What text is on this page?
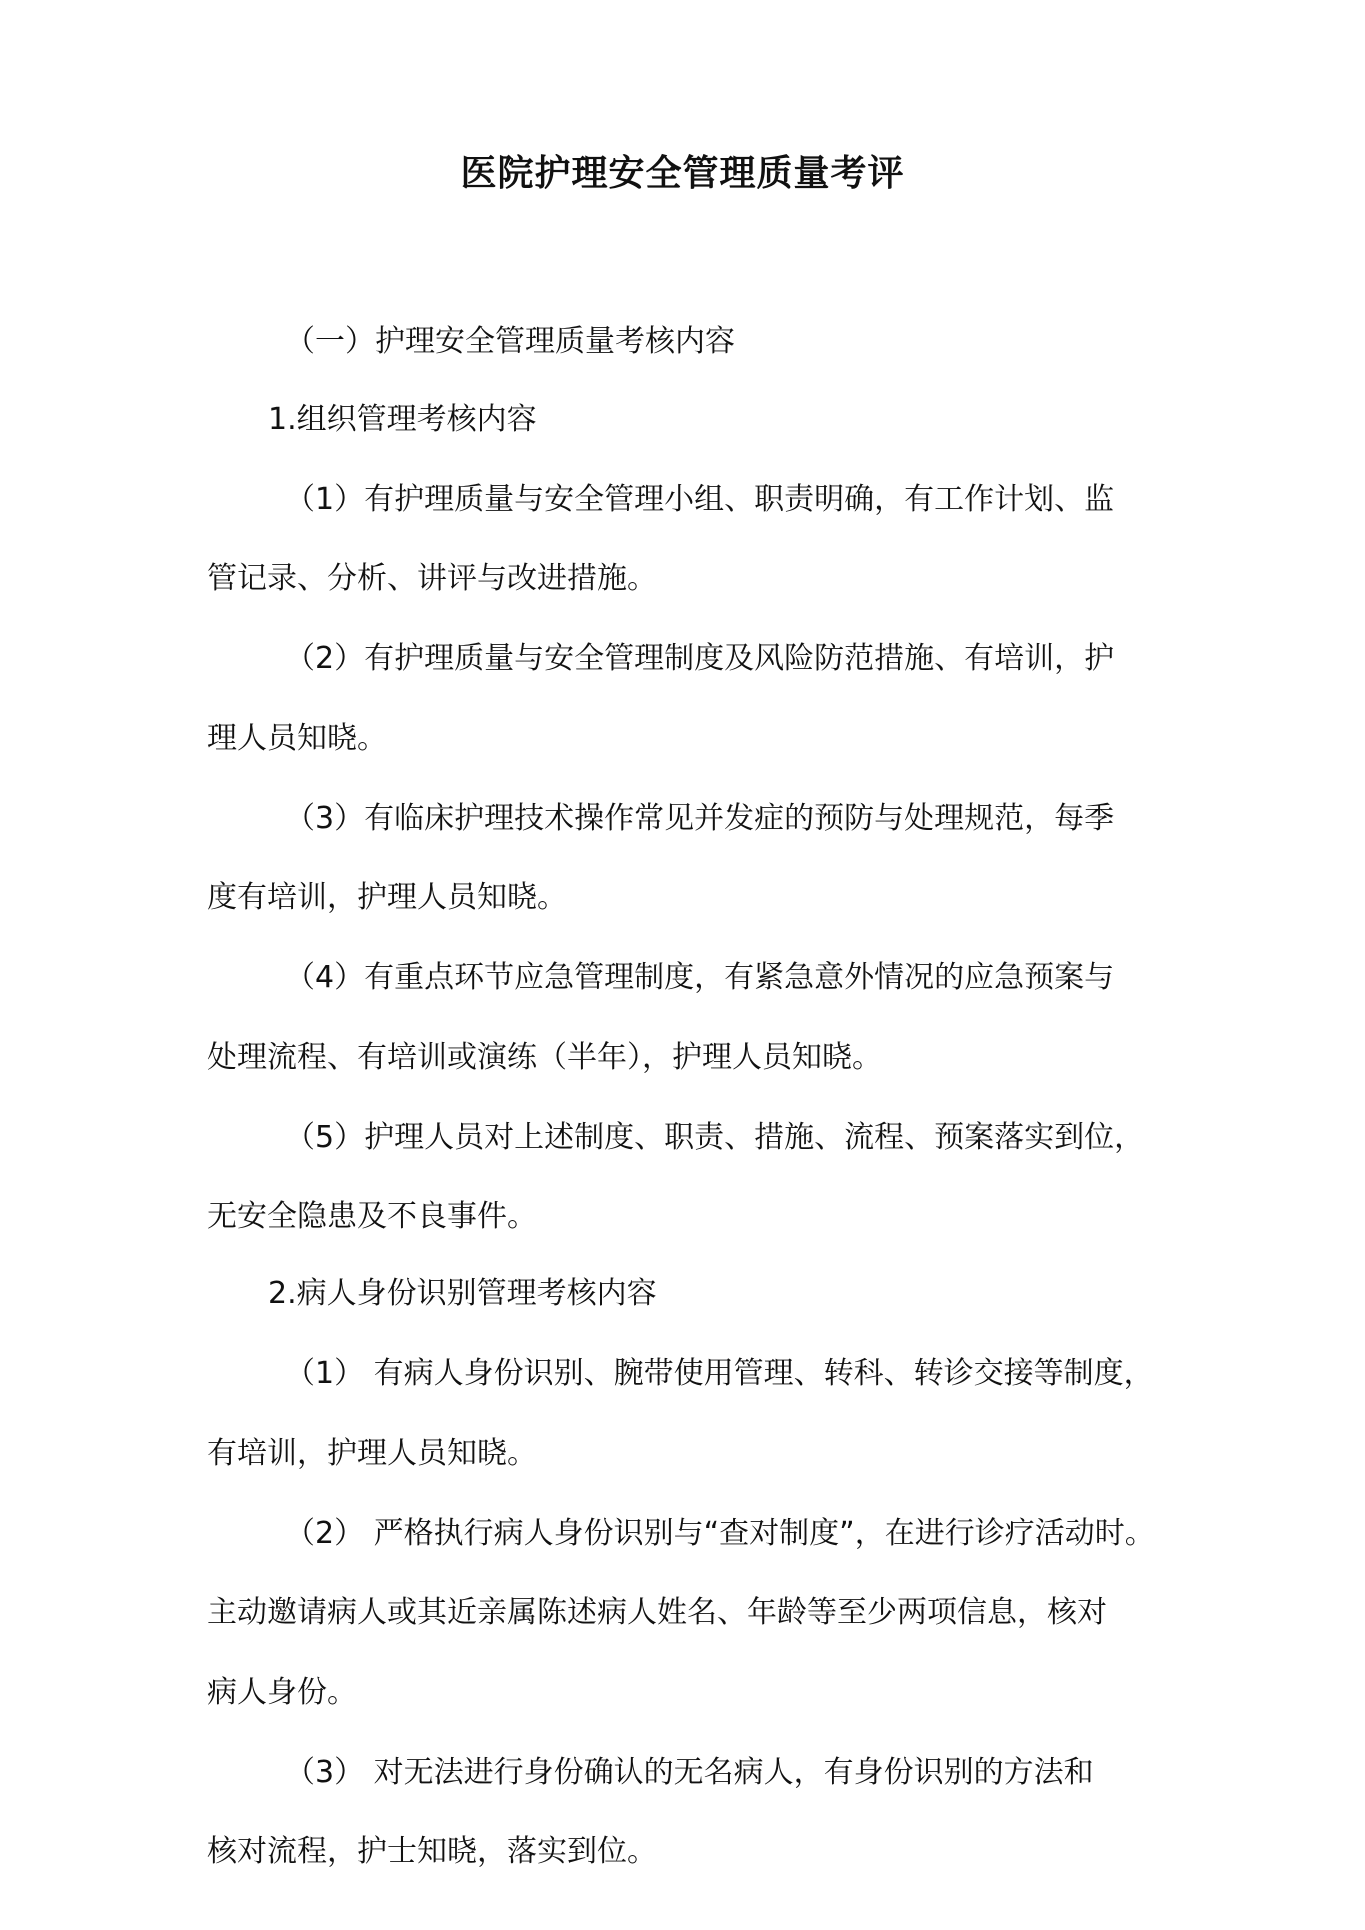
医院护理安全管理质量考评
（一）护理安全管理质量考核内容
1.组织管理考核内容
（1）有护理质量与安全管理小组、职责明确，有工作计划、监
管记录、分析、讲评与改进措施。
（2）有护理质量与安全管理制度及风险防范措施、有培训，护
理人员知晓。
（3）有临床护理技术操作常见并发症的预防与处理规范，每季
度有培训，护理人员知晓。
（4）有重点环节应急管理制度，有紧急意外情况的应急预案与
处理流程、有培训或演练（半年），护理人员知晓。
（5）护理人员对上述制度、职责、措施、流程、预案落实到位，
无安全隐患及不良事件。
2.病人身份识别管理考核内容
（1） 有病人身份识别、腕带使用管理、转科、转诊交接等制度，
有培训，护理人员知晓。
（2） 严格执行病人身份识别与“查对制度”，在进行诊疗活动时。
主动邀请病人或其近亲属陈述病人姓名、年龄等至少两项信息，核对
病人身份。
（3） 对无法进行身份确认的无名病人，有身份识别的方法和
核对流程，护士知晓，落实到位。
